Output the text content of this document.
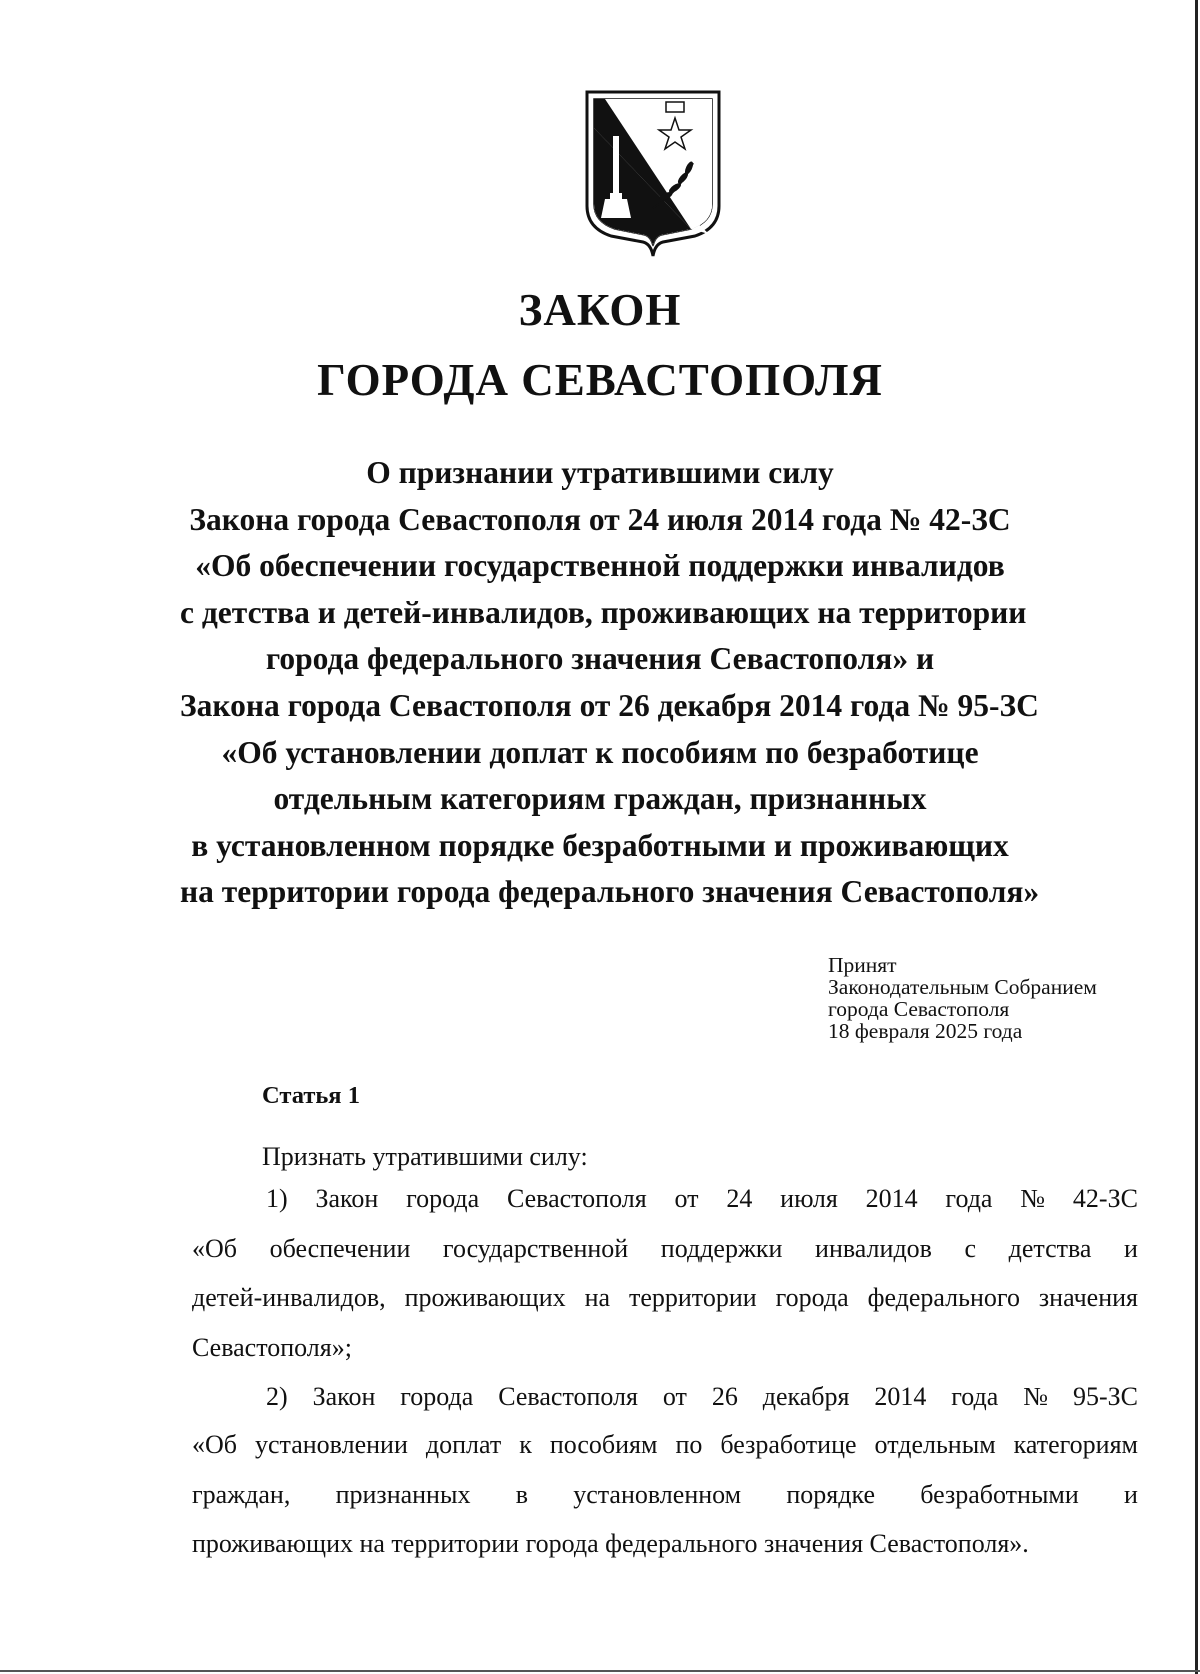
ЗАКОН
ГОРОДА СЕВАСТОПОЛЯ
О признании утратившими силу
Закона города Севастополя от 24 июля 2014 года № 42-ЗС
«Об обеспечении государственной поддержки инвалидов
с детства и детей-инвалидов, проживающих на территории
города федерального значения Севастополя» и
Закона города Севастополя от 26 декабря 2014 года № 95-ЗС
«Об установлении доплат к пособиям по безработице
отдельным категориям граждан, признанных
в установленном порядке безработными и проживающих
на территории города федерального значения Севастополя»
Принят
Законодательным Собранием
города Севастополя
18 февраля 2025 года
Статья 1
Признать утратившими силу:
1) Закон города Севастополя от 24 июля 2014 года № 42-ЗС
«Об обеспечении государственной поддержки инвалидов с детства и
детей-инвалидов, проживающих на территории города федерального значения
Севастополя»;
2) Закон города Севастополя от 26 декабря 2014 года № 95-ЗС
«Об установлении доплат к пособиям по безработице отдельным категориям
граждан, признанных в установленном порядке безработными и
проживающих на территории города федерального значения Севастополя».
